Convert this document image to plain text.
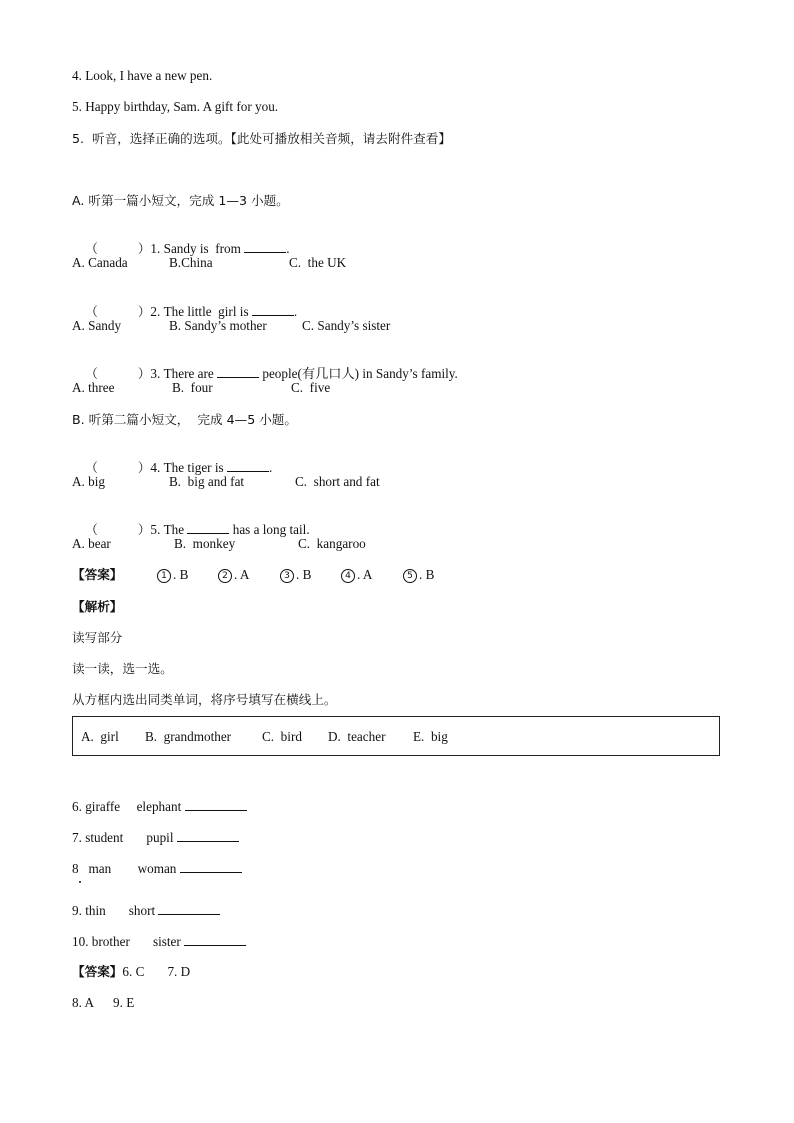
4. Look, I have a new pen.
5. Happy birthday, Sam. A gift for you.
5.  听音，选择正确的选项。【此处可播放相关音频，请去附件查看】
A. 听第一篇小短文，完成 1—3 小题。

（          ）1. Sandy is  from	.

A. Canada	B.China	C.  the UK

（          ）2. The little  girl is	.

A. Sandy	B. Sandy’s mother	C. Sandy’s sister

（          ）3. There are	people(有几口人) in Sandy’s family.

A. three	B.  four	C.  five
B. 听第二篇小短文，  完成 4—5 小题。

（          ）4. The tiger is	.

A. big	B.  big and fat	C.  short and fat

（          ）5. The	has a long tail.

A. bear	B.  monkey	C.  kangaroo
【答案】	1 . B	2 . A	3 . B	4 . A	5 . B
【解析】
读写部分
读一读，选一选。
从方框内选出同类单词，将序号填写在横线上。
A.  girl B.  grandmother C.  bird D.  teacher E.  big
6. giraffe elephant
7. student pupil
8   man woman
9. thin short
10. brother sister
【答案】6. C 7. D
8. A 9. E
